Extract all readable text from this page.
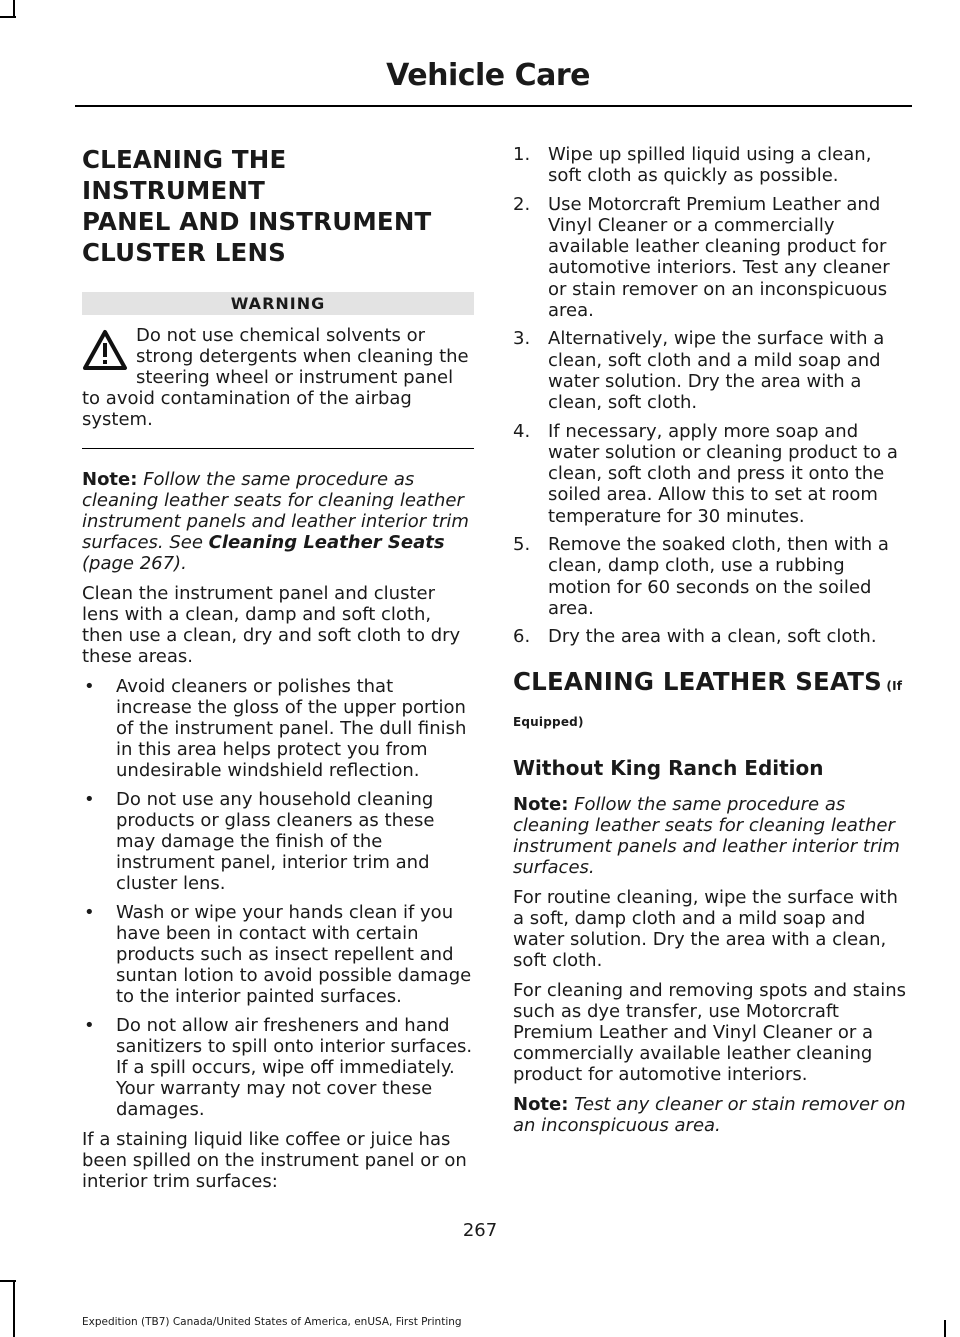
Vehicle Care
CLEANING THE INSTRUMENT
PANEL AND INSTRUMENT
CLUSTER LENS
WARNING
Do not use chemical solvents or strong detergents when cleaning the steering wheel or instrument panel to avoid contamination of the airbag system.

Note: Follow the same procedure as cleaning leather seats for cleaning leather instrument panels and leather interior trim surfaces. See Cleaning Leather Seats (page 267).

Clean the instrument panel and cluster lens with a clean, damp and soft cloth, then use a clean, dry and soft cloth to dry these areas.

• Avoid cleaners or polishes that increase the gloss of the upper portion of the instrument panel. The dull finish in this area helps protect you from undesirable windshield reflection.
• Do not use any household cleaning products or glass cleaners as these may damage the finish of the instrument panel, interior trim and cluster lens.
• Wash or wipe your hands clean if you have been in contact with certain products such as insect repellent and suntan lotion to avoid possible damage to the interior painted surfaces.
• Do not allow air fresheners and hand sanitizers to spill onto interior surfaces. If a spill occurs, wipe off immediately. Your warranty may not cover these damages.

If a staining liquid like coffee or juice has been spilled on the instrument panel or on interior trim surfaces:

1. Wipe up spilled liquid using a clean, soft cloth as quickly as possible.
2. Use Motorcraft Premium Leather and Vinyl Cleaner or a commercially available leather cleaning product for automotive interiors. Test any cleaner or stain remover on an inconspicuous area.
3. Alternatively, wipe the surface with a clean, soft cloth and a mild soap and water solution. Dry the area with a clean, soft cloth.
4. If necessary, apply more soap and water solution or cleaning product to a clean, soft cloth and press it onto the soiled area. Allow this to set at room temperature for 30 minutes.
5. Remove the soaked cloth, then with a clean, damp cloth, use a rubbing motion for 60 seconds on the soiled area.
6. Dry the area with a clean, soft cloth.
CLEANING LEATHER SEATS (If
Equipped)
Without King Ranch Edition

Note: Follow the same procedure as cleaning leather seats for cleaning leather instrument panels and leather interior trim surfaces.

For routine cleaning, wipe the surface with a soft, damp cloth and a mild soap and water solution. Dry the area with a clean, soft cloth.

For cleaning and removing spots and stains such as dye transfer, use Motorcraft Premium Leather and Vinyl Cleaner or a commercially available leather cleaning product for automotive interiors.

Note: Test any cleaner or stain remover on an inconspicuous area.

267
Expedition (TB7) Canada/United States of America, enUSA, First Printing
